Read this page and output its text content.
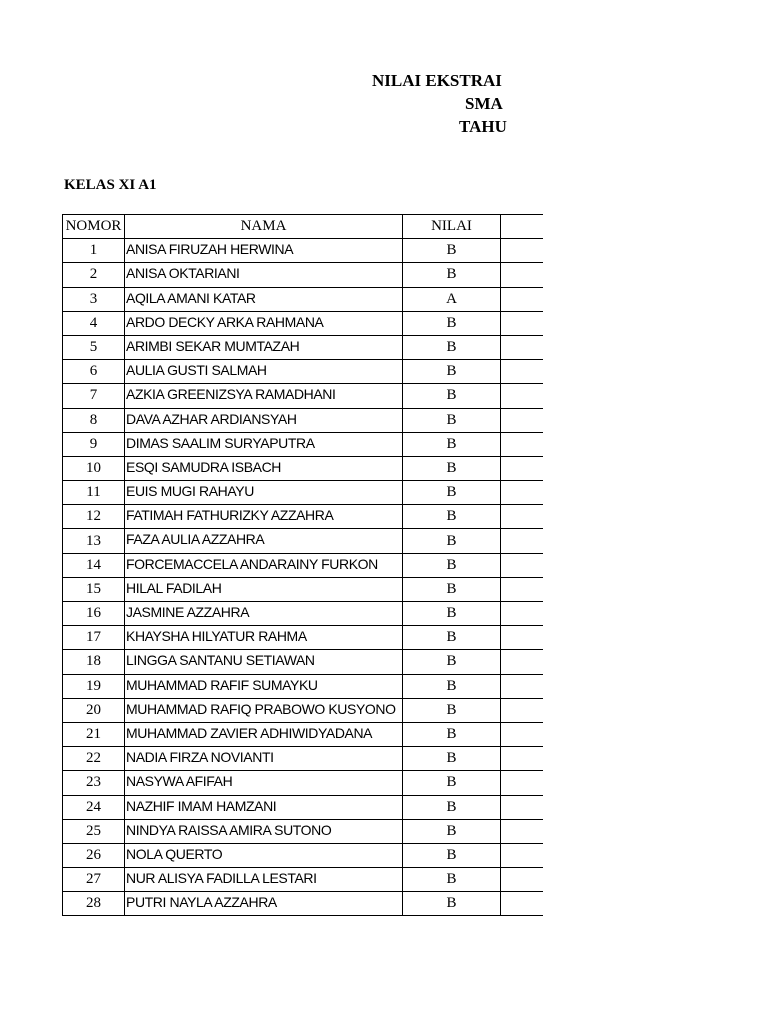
NILAI EKSTRAI
SMA
TAHU
KELAS XI A1
NOMOR	NAMA	NILAI	
1	ANISA FIRUZAH HERWINA	B	
2	ANISA OKTARIANI	B	
3	AQILA AMANI KATAR	A	
4	ARDO DECKY ARKA RAHMANA	B	
5	ARIMBI SEKAR MUMTAZAH	B	
6	AULIA GUSTI SALMAH	B	
7	AZKIA GREENIZSYA RAMADHANI	B	
8	DAVA AZHAR ARDIANSYAH	B	
9	DIMAS SAALIM SURYAPUTRA	B	
10	ESQI SAMUDRA ISBACH	B	
11	EUIS MUGI RAHAYU	B	
12	FATIMAH FATHURIZKY AZZAHRA	B	
13	FAZA AULIA AZZAHRA	B	
14	FORCEMACCELA ANDARAINY FURKON	B	
15	HILAL FADILAH	B	
16	JASMINE AZZAHRA	B	
17	KHAYSHA HILYATUR RAHMA	B	
18	LINGGA SANTANU SETIAWAN	B	
19	MUHAMMAD RAFIF SUMAYKU	B	
20	MUHAMMAD RAFIQ PRABOWO KUSYONO	B	
21	MUHAMMAD ZAVIER ADHIWIDYADANA	B	
22	NADIA FIRZA NOVIANTI	B	
23	NASYWA AFIFAH	B	
24	NAZHIF IMAM HAMZANI	B	
25	NINDYA RAISSA AMIRA SUTONO	B	
26	NOLA QUERTO	B	
27	NUR ALISYA FADILLA LESTARI	B	
28	PUTRI NAYLA AZZAHRA	B	
